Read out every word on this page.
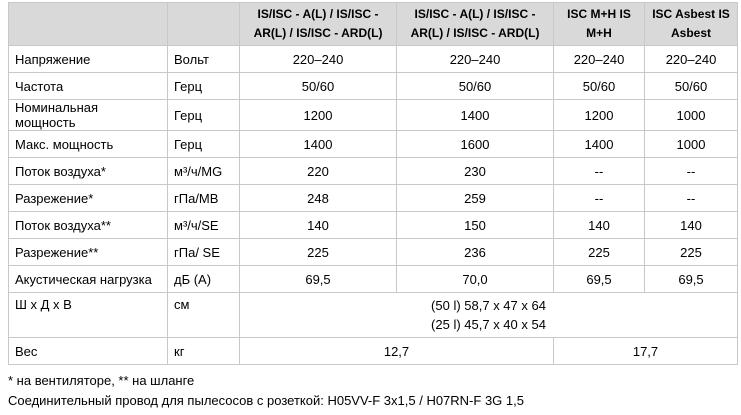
		IS/ISC - A(L) / IS/ISC - AR(L) / IS/ISC - ARD(L)	IS/ISC - A(L) / IS/ISC - AR(L) / IS/ISC - ARD(L)	ISC M+H IS M+H	ISC Asbest IS Asbest
Напряжение	Вольт	220–240	220–240	220–240	220–240
Частота	Герц	50/60	50/60	50/60	50/60
Номинальная мощность	Герц	1200	1400	1200	1000
Макс. мощность	Герц	1400	1600	1400	1000
Поток воздуха*	м³/ч/MG	220	230	--	--
Разрежение*	гПа/MB	248	259	--	--
Поток воздуха**	м³/ч/SE	140	150	140	140
Разрежение**	гПа/ SE	225	236	225	225
Акустическая нагрузка	дБ (А)	69,5	70,0	69,5	69,5
Ш x Д x В	см	(50 l) 58,7 x 47 x 64
(25 l) 45,7 x 40 x 54			

Вес	кг	12,7		17,7	
* на вентиляторе, ** на шланге
Соединительный провод для пылесосов с розеткой: H05VV-F 3x1,5 / H07RN-F 3G 1,5
